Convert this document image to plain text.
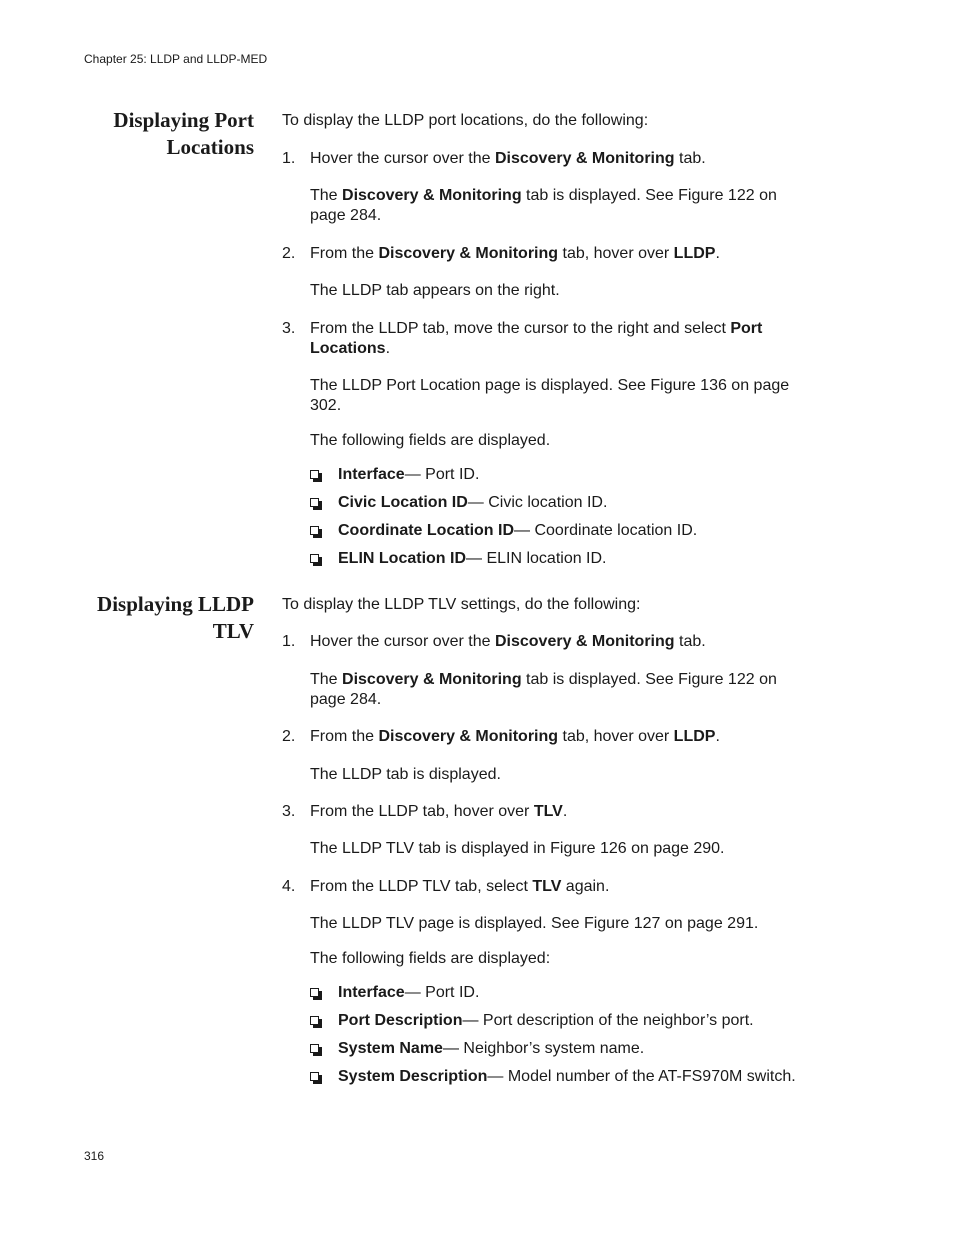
Chapter 25: LLDP and LLDP-MED
Displaying Port
Locations
To display the LLDP port locations, do the following:
1. Hover the cursor over the Discovery & Monitoring tab.
The Discovery & Monitoring tab is displayed. See Figure 122 on
page 284.
2. From the Discovery & Monitoring tab, hover over LLDP.
The LLDP tab appears on the right.
3. From the LLDP tab, move the cursor to the right and select Port
Locations.
The LLDP Port Location page is displayed. See Figure 136 on page
302.
The following fields are displayed.
Interface— Port ID.
Civic Location ID— Civic location ID.
Coordinate Location ID— Coordinate location ID.
ELIN Location ID— ELIN location ID.
Displaying LLDP
TLV
To display the LLDP TLV settings, do the following:
1. Hover the cursor over the Discovery & Monitoring tab.
The Discovery & Monitoring tab is displayed. See Figure 122 on
page 284.
2. From the Discovery & Monitoring tab, hover over LLDP.
The LLDP tab is displayed.
3. From the LLDP tab, hover over TLV.
The LLDP TLV tab is displayed in Figure 126 on page 290.
4. From the LLDP TLV tab, select TLV again.
The LLDP TLV page is displayed. See Figure 127 on page 291.
The following fields are displayed:
Interface— Port ID.
Port Description— Port description of the neighbor’s port.
System Name— Neighbor’s system name.
System Description— Model number of the AT-FS970M switch.
316
